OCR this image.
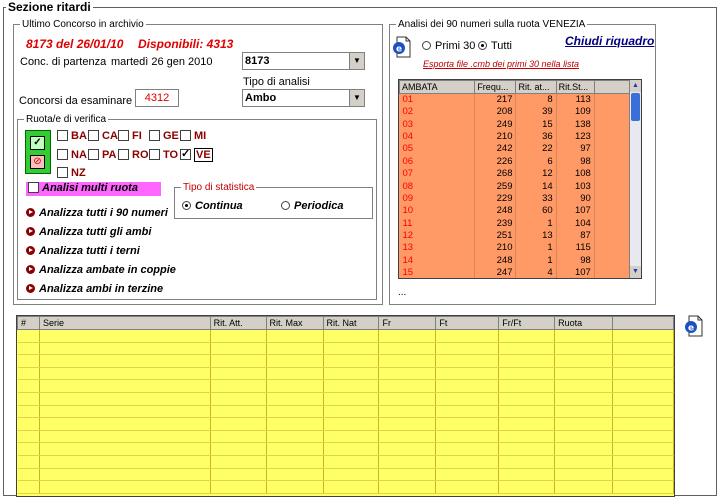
Sezione ritardi
Ultimo Concorso in archivio
8173 del 26/01/10 Disponibili: 4313
Conc. di partenza martedì 26 gen 2010	8173	▼
Tipo di analisi
Ambo	▼
Concorsi da esaminare	4312
Ruota/e di verifica
✓
⊘
BA	CA	FI	GE	MI
NA	PA	RO	TO ✓	VE
NZ
Analisi multi ruota	Tipo di statistica
Continua	Periodica
Analizza tutti i 90 numeri
Analizza tutti gli ambi
Analizza tutti i terni
Analizza ambate in coppie
Analizza ambi in terzine
Analisi dei 90 numeri sulla ruota VENEZIA
e	Primi 30	Tutti	Chiudi riquadro
Esporta file .cmb dei primi 30 nella lista
AMBATA	Frequ...	Rit. at...	Rit.St...	
01	217	8	113	
02	208	39	109	
03	249	15	138	
04	210	36	123	
05	242	22	97	
06	226	6	98	
07	268	12	108	
08	259	14	103	
09	229	33	90	
10	248	60	107	
11	239	1	104	
12	251	13	87	
13	210	1	115	
14	248	1	98	
15	247	4	107	
▲
▼
...
#	Serie	Rit. Att.	Rit. Max	Rit. Nat	Fr	Ft	Fr/Ft	Ruota	

e
